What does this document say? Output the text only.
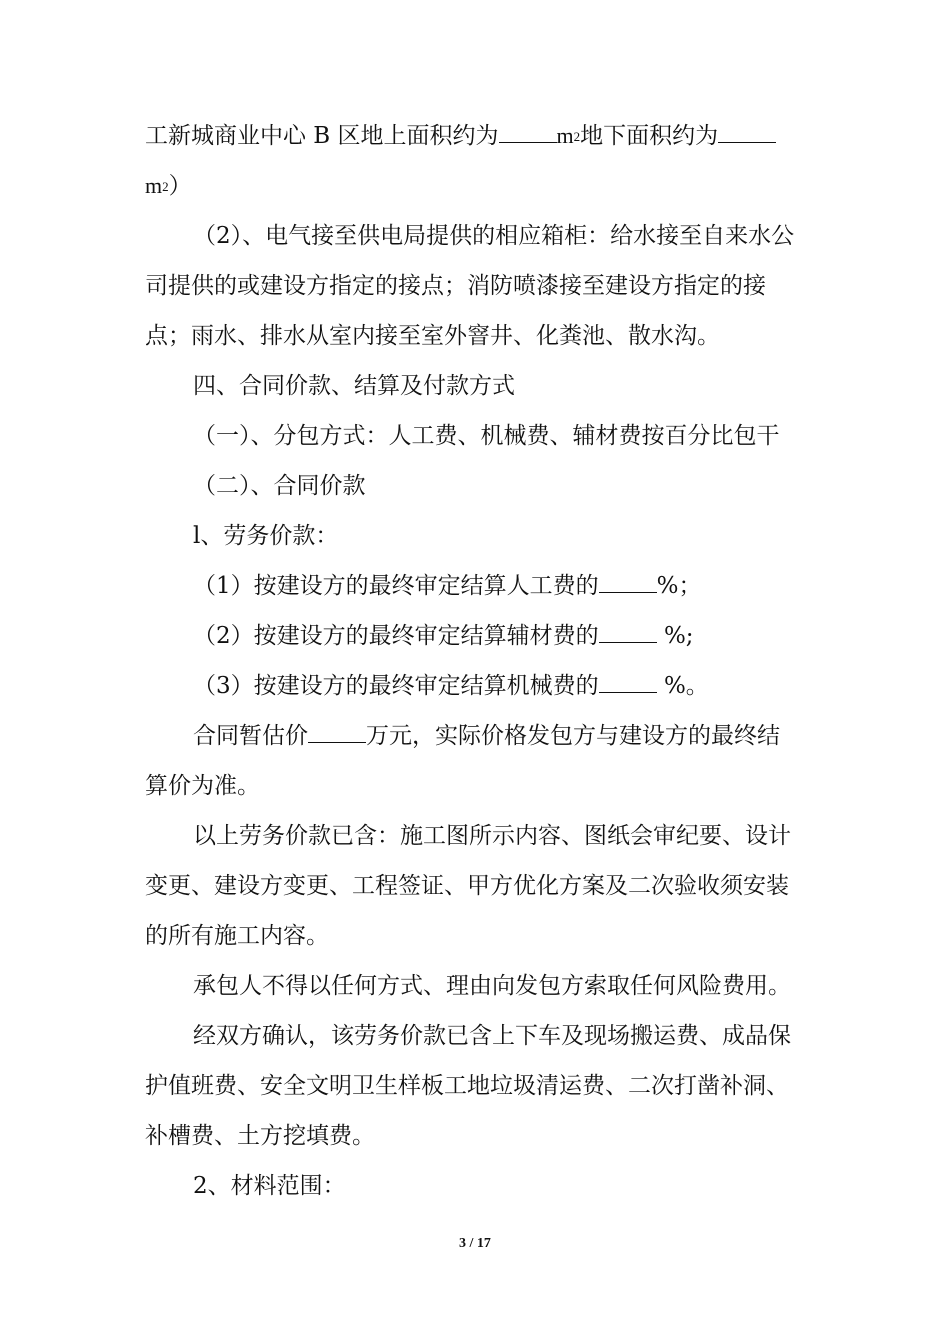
工新城商业中心 B 区地上面积约为	$m^2$地下面积约为
$m^2$）
（2）、电气接至供电局提供的相应箱柜：给水接至自来水公
司提供的或建设方指定的接点；消防喷漆接至建设方指定的接
点；雨水、排水从室内接至室外窨井、化粪池、散水沟。
四、合同价款、结算及付款方式
（一）、分包方式：人工费、机械费、辅材费按百分比包干
（二）、合同价款
l、劳务价款：
（1）按建设方的最终审定结算人工费的	%；
（2）按建设方的最终审定结算辅材费的	%;
（3）按建设方的最终审定结算机械费的	%。
合同暂估价	万元，实际价格发包方与建设方的最终结
算价为准。
以上劳务价款已含：施工图所示内容、图纸会审纪要、设计
变更、建设方变更、工程签证、甲方优化方案及二次验收须安装
的所有施工内容。
承包人不得以任何方式、理由向发包方索取任何风险费用。
经双方确认，该劳务价款已含上下车及现场搬运费、成品保
护值班费、安全文明卫生样板工地垃圾清运费、二次打凿补洞、
补槽费、土方挖填费。
2、材料范围：
3 / 17
